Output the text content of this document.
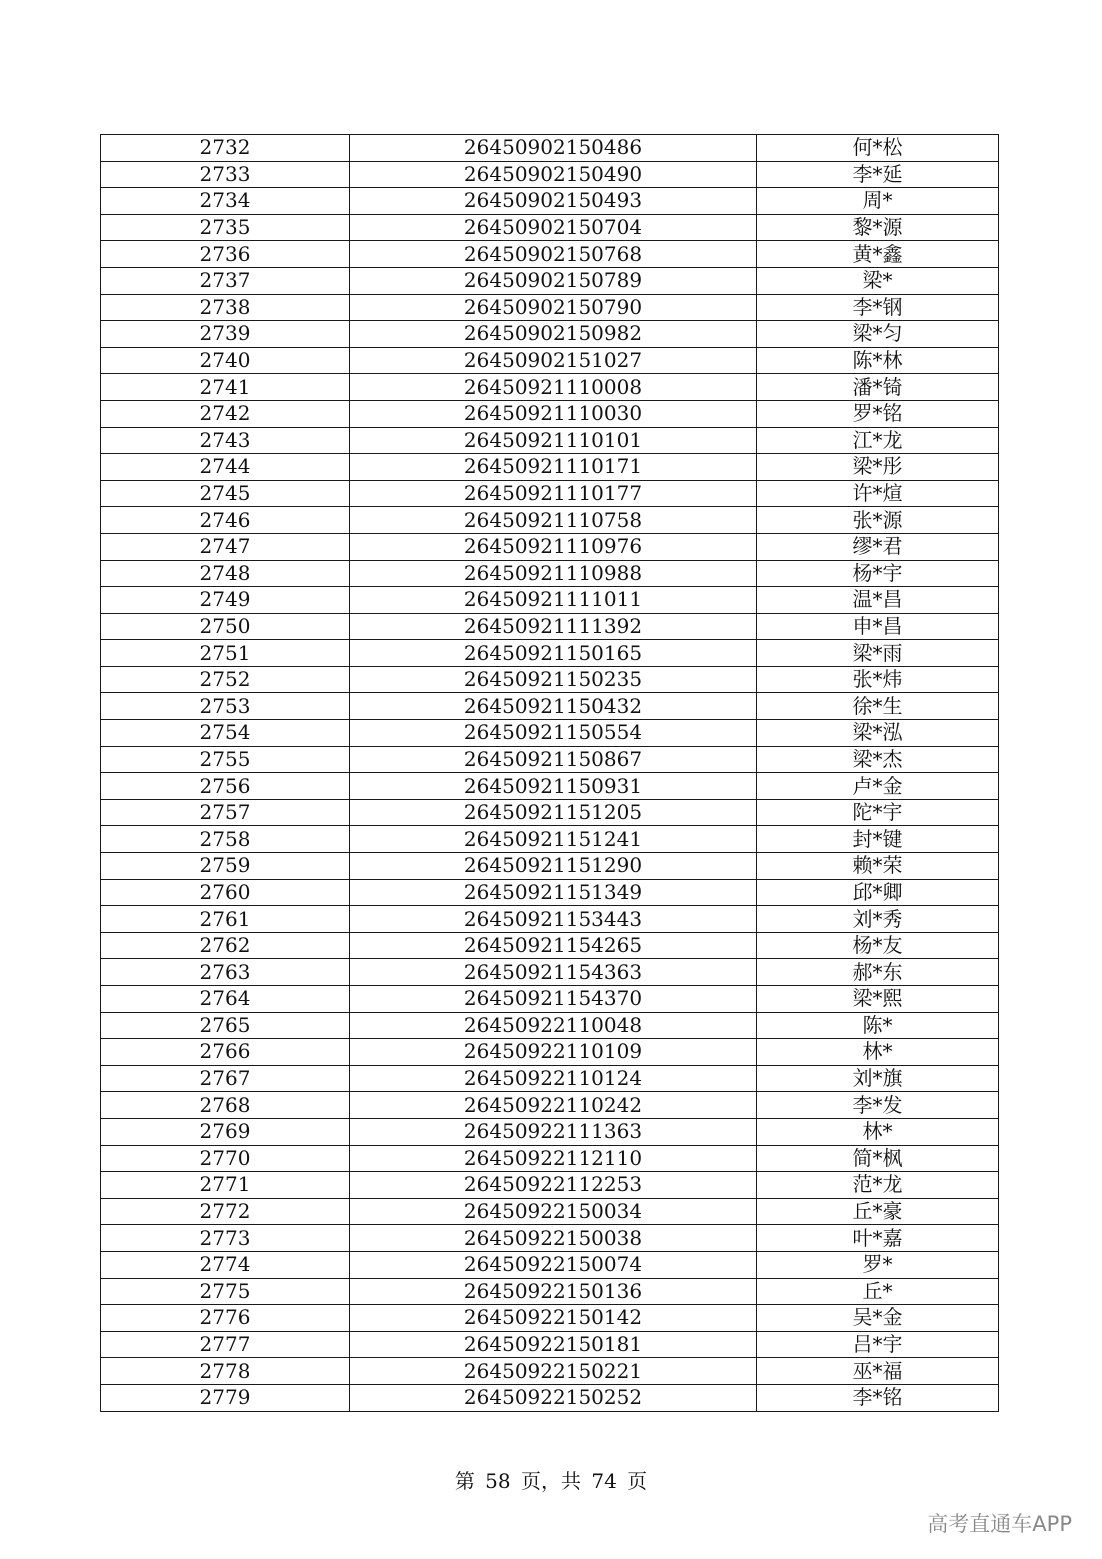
2732	26450902150486	何*松
2733	26450902150490	李*延
2734	26450902150493	周*
2735	26450902150704	黎*源
2736	26450902150768	黄*鑫
2737	26450902150789	梁*
2738	26450902150790	李*钢
2739	26450902150982	梁*匀
2740	26450902151027	陈*林
2741	26450921110008	潘*锜
2742	26450921110030	罗*铭
2743	26450921110101	江*龙
2744	26450921110171	梁*彤
2745	26450921110177	许*煊
2746	26450921110758	张*源
2747	26450921110976	缪*君
2748	26450921110988	杨*宇
2749	26450921111011	温*昌
2750	26450921111392	申*昌
2751	26450921150165	梁*雨
2752	26450921150235	张*炜
2753	26450921150432	徐*生
2754	26450921150554	梁*泓
2755	26450921150867	梁*杰
2756	26450921150931	卢*金
2757	26450921151205	陀*宇
2758	26450921151241	封*键
2759	26450921151290	赖*荣
2760	26450921151349	邱*卿
2761	26450921153443	刘*秀
2762	26450921154265	杨*友
2763	26450921154363	郝*东
2764	26450921154370	梁*熙
2765	26450922110048	陈*
2766	26450922110109	林*
2767	26450922110124	刘*旗
2768	26450922110242	李*发
2769	26450922111363	林*
2770	26450922112110	简*枫
2771	26450922112253	范*龙
2772	26450922150034	丘*豪
2773	26450922150038	叶*嘉
2774	26450922150074	罗*
2775	26450922150136	丘*
2776	26450922150142	吴*金
2777	26450922150181	吕*宇
2778	26450922150221	巫*福
2779	26450922150252	李*铭
第 58 页，共 74 页
高考直通车APP
